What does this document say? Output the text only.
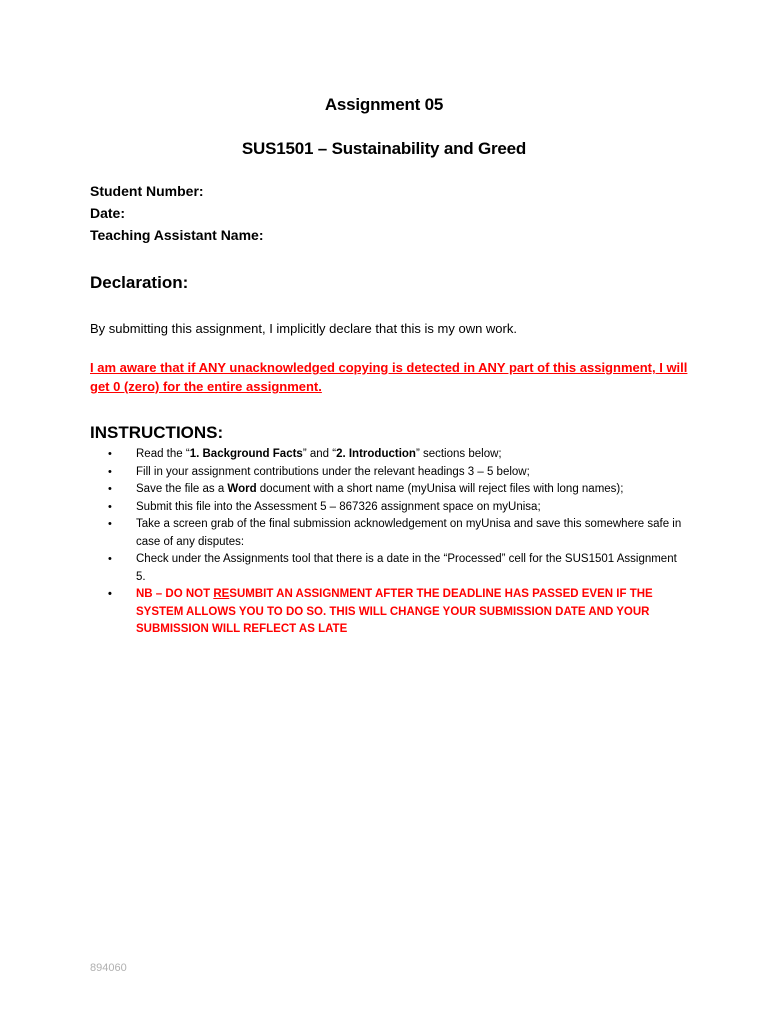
Assignment 05
SUS1501 – Sustainability and Greed
Student Number:
Date:
Teaching Assistant Name:
Declaration:
By submitting this assignment, I implicitly declare that this is my own work.
I am aware that if ANY unacknowledged copying is detected in ANY part of this assignment, I will get 0 (zero) for the entire assignment.
INSTRUCTIONS:
• Read the “1. Background Facts” and “2. Introduction” sections below;
• Fill in your assignment contributions under the relevant headings 3 – 5 below;
• Save the file as a Word document with a short name (myUnisa will reject files with long names);
• Submit this file into the Assessment 5 – 867326 assignment space on myUnisa;
• Take a screen grab of the final submission acknowledgement on myUnisa and save this somewhere safe in case of any disputes:
• Check under the Assignments tool that there is a date in the “Processed” cell for the SUS1501 Assignment 5.
• NB – DO NOT RESUMBIT AN ASSIGNMENT AFTER THE DEADLINE HAS PASSED EVEN IF THE SYSTEM ALLOWS YOU TO DO SO. THIS WILL CHANGE YOUR SUBMISSION DATE AND YOUR SUBMISSION WILL REFLECT AS LATE
894060
